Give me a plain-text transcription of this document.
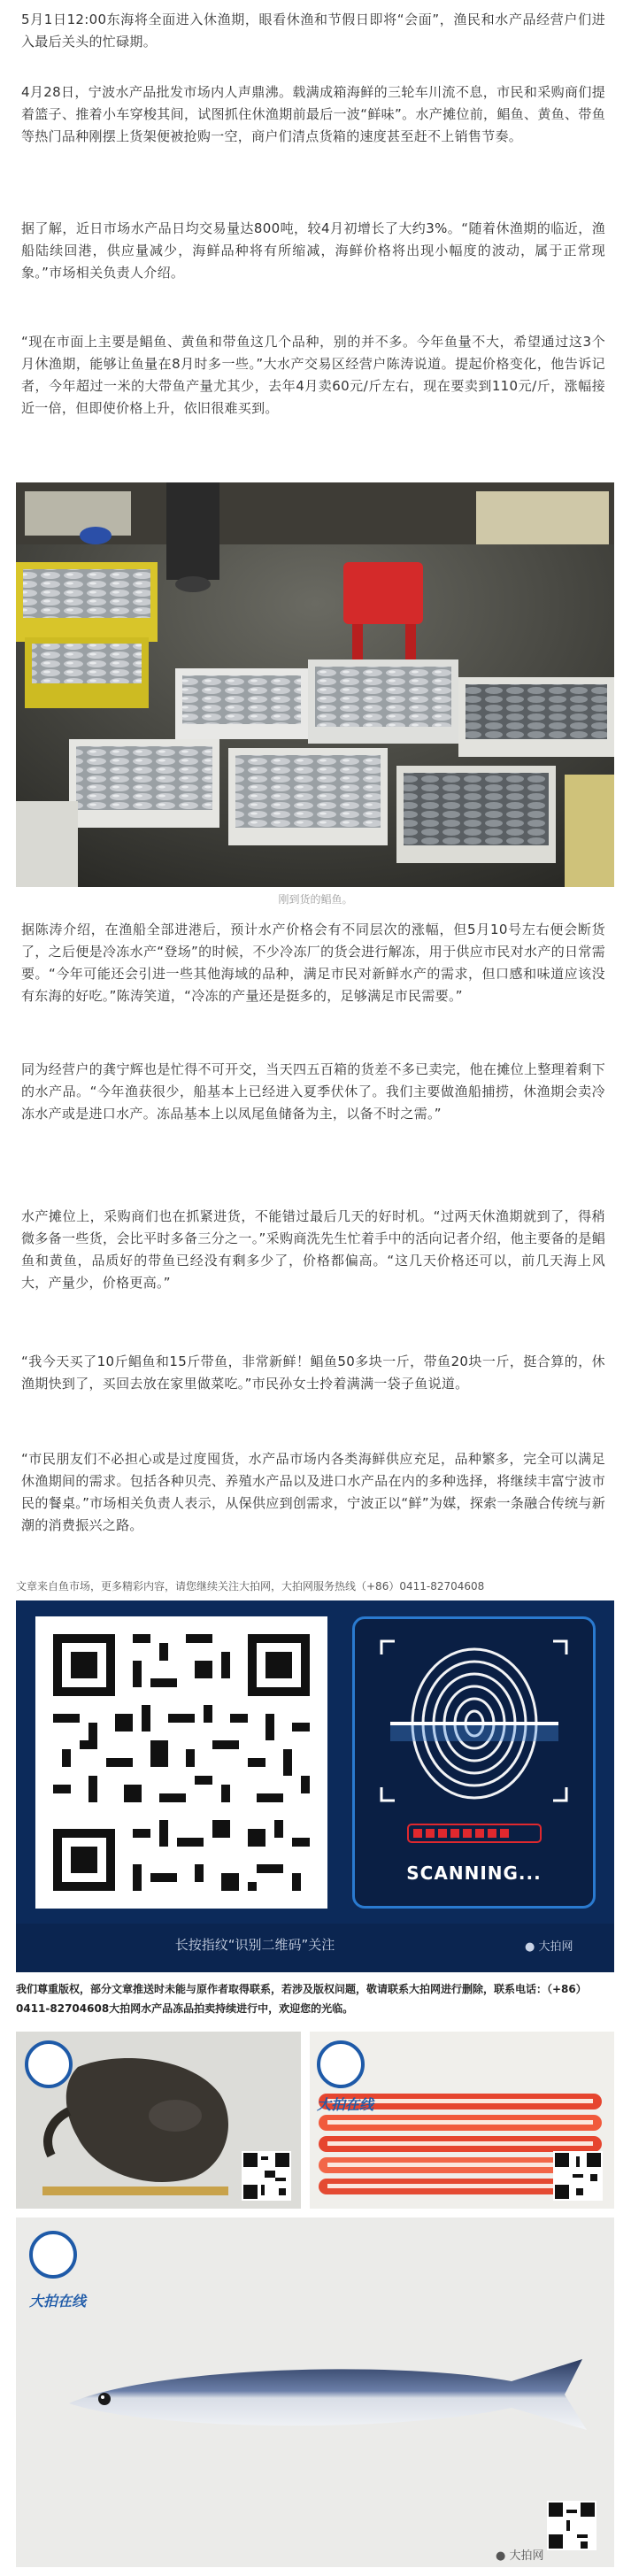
5月1日12:00东海将全面进入休渔期，眼看休渔和节假日即将“会面”，渔民和水产品经营户们进入最后关头的忙碌期。

4月28日，宁波水产品批发市场内人声鼎沸。载满成箱海鲜的三轮车川流不息，市民和采购商们提着篮子、推着小车穿梭其间，试图抓住休渔期前最后一波“鲜味”。水产摊位前，鲳鱼、黄鱼、带鱼等热门品种刚摆上货架便被抢购一空，商户们清点货箱的速度甚至赶不上销售节奏。

据了解，近日市场水产品日均交易量达800吨，较4月初增长了大约3%。“随着休渔期的临近，渔船陆续回港，供应量减少，海鲜品种将有所缩减，海鲜价格将出现小幅度的波动，属于正常现象。”市场相关负责人介绍。

“现在市面上主要是鲳鱼、黄鱼和带鱼这几个品种，别的并不多。今年鱼量不大，希望通过这3个月休渔期，能够让鱼量在8月时多一些。”大水产交易区经营户陈涛说道。提起价格变化，他告诉记者，今年超过一米的大带鱼产量尤其少，去年4月卖60元/斤左右，现在要卖到110元/斤，涨幅接近一倍，但即使价格上升，依旧很难买到。

刚到货的鲳鱼。

据陈涛介绍，在渔船全部进港后，预计水产价格会有不同层次的涨幅，但5月10号左右便会断货了，之后便是冷冻水产“登场”的时候，不少冷冻厂的货会进行解冻，用于供应市民对水产的日常需要。“今年可能还会引进一些其他海域的品种，满足市民对新鲜水产的需求，但口感和味道应该没有东海的好吃。”陈涛笑道，“冷冻的产量还是挺多的，足够满足市民需要。”

同为经营户的龚宁辉也是忙得不可开交，当天四五百箱的货差不多已卖完，他在摊位上整理着剩下的水产品。“今年渔获很少，船基本上已经进入夏季伏休了。我们主要做渔船捕捞，休渔期会卖冷冻水产或是进口水产。冻品基本上以凤尾鱼储备为主，以备不时之需。”

水产摊位上，采购商们也在抓紧进货，不能错过最后几天的好时机。“过两天休渔期就到了，得稍微多备一些货，会比平时多备三分之一。”采购商洗先生忙着手中的活向记者介绍，他主要备的是鲳鱼和黄鱼，品质好的带鱼已经没有剩多少了，价格都偏高。“这几天价格还可以，前几天海上风大，产量少，价格更高。”

“我今天买了10斤鲳鱼和15斤带鱼，非常新鲜！鲳鱼50多块一斤，带鱼20块一斤，挺合算的，休渔期快到了，买回去放在家里做菜吃。”市民孙女士拎着满满一袋子鱼说道。

“市民朋友们不必担心或是过度囤货，水产品市场内各类海鲜供应充足，品种繁多，完全可以满足休渔期间的需求。包括各种贝壳、养殖水产品以及进口水产品在内的多种选择，将继续丰富宁波市民的餐桌。”市场相关负责人表示，从保供应到创需求，宁波正以“鲜”为媒，探索一条融合传统与新潮的消费振兴之路。

文章来自鱼市场，更多精彩内容，请您继续关注大拍网，大拍网服务热线（+86）0411-82704608
SCANNING...
长按指纹“识别二维码”关注	● 大拍网
我们尊重版权，部分文章推送时未能与原作者取得联系，若涉及版权问题，敬请联系大拍网进行删除，联系电话：（+86）0411-82704608大拍网水产品冻品拍卖持续进行中，欢迎您的光临。
大拍在线
大拍在线
● 大拍网
